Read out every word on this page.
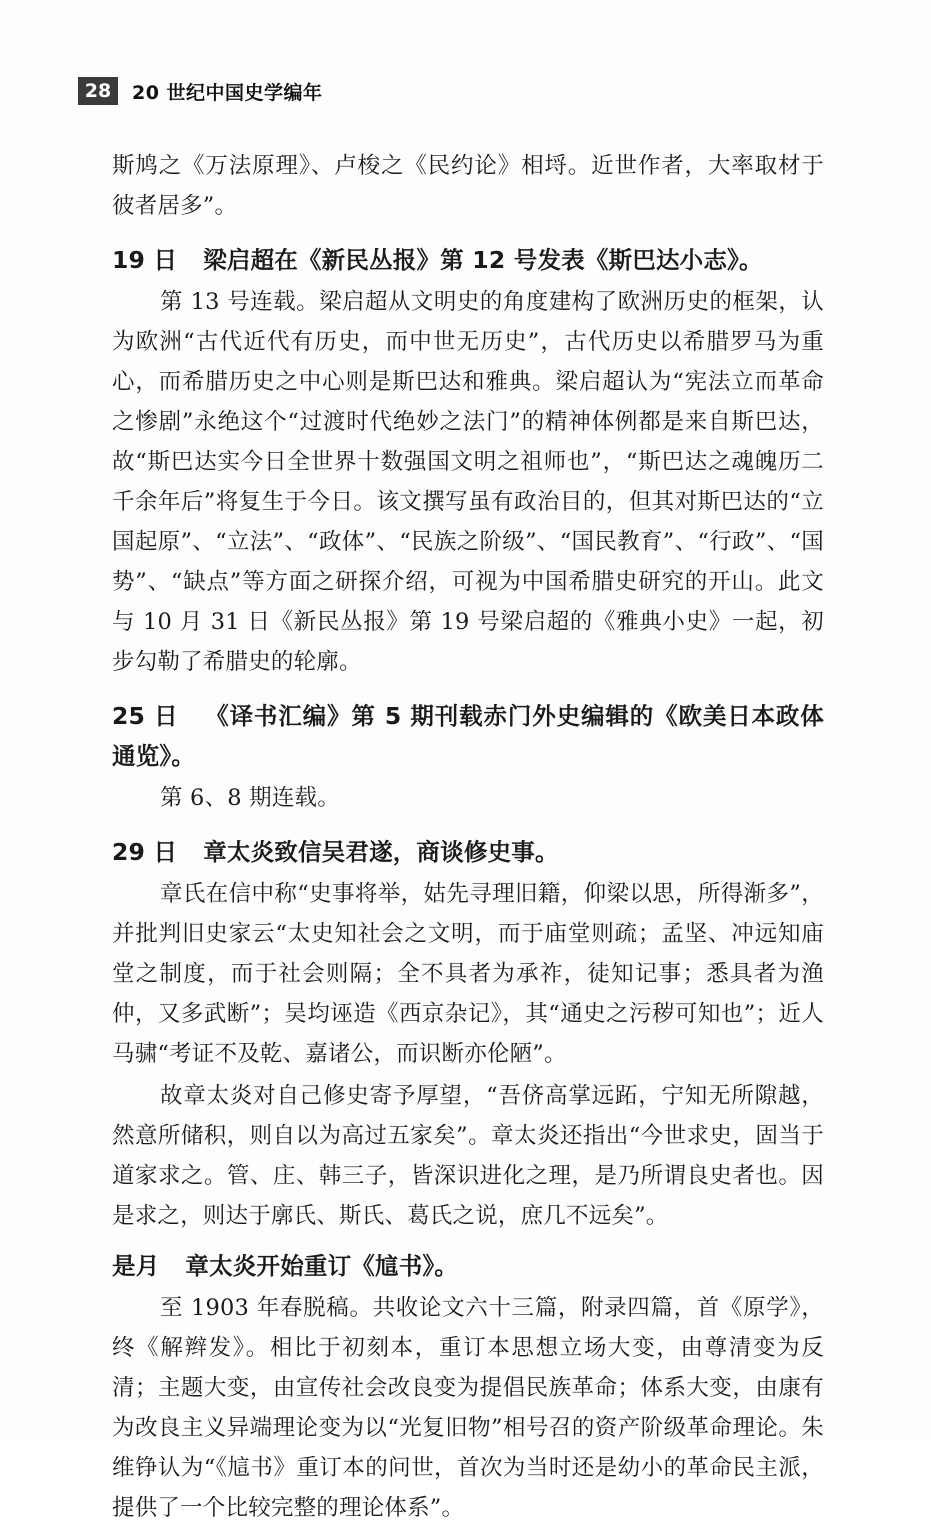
28	20 世纪中国史学编年

斯鸠之《万法原理》、卢梭之《民约论》相埒。近世作者，大率取材于彼者居多”。

19 日 梁启超在《新民丛报》第 12 号发表《斯巴达小志》。

第 13 号连载。梁启超从文明史的角度建构了欧洲历史的框架，认为欧洲“古代近代有历史，而中世无历史”，古代历史以希腊罗马为重心，而希腊历史之中心则是斯巴达和雅典。梁启超认为“宪法立而革命之惨剧”永绝这个“过渡时代绝妙之法门”的精神体例都是来自斯巴达，故“斯巴达实今日全世界十数强国文明之祖师也”，“斯巴达之魂魄历二千余年后”将复生于今日。该文撰写虽有政治目的，但其对斯巴达的“立国起原”、“立法”、“政体”、“民族之阶级”、“国民教育”、“行政”、“国势”、“缺点”等方面之研探介绍，可视为中国希腊史研究的开山。此文与 10 月 31 日《新民丛报》第 19 号梁启超的《雅典小史》一起，初步勾勒了希腊史的轮廓。

25 日 《译书汇编》第 5 期刊载赤门外史编辑的《欧美日本政体通览》。

第 6、8 期连载。

29 日 章太炎致信吴君遂，商谈修史事。

章氏在信中称“史事将举，姑先寻理旧籍，仰梁以思，所得渐多”，并批判旧史家云“太史知社会之文明，而于庙堂则疏；孟坚、冲远知庙堂之制度，而于社会则隔；全不具者为承祚，徒知记事；悉具者为渔仲，又多武断”；吴均诬造《西京杂记》，其“通史之污秽可知也”；近人马骕“考证不及乾、嘉诸公，而识断亦伦陋”。

故章太炎对自己修史寄予厚望，“吾侪高掌远跖，宁知无所隙越，然意所储积，则自以为高过五家矣”。章太炎还指出“今世求史，固当于道家求之。管、庄、韩三子，皆深识进化之理，是乃所谓良史者也。因是求之，则达于廓氏、斯氏、葛氏之说，庶几不远矣”。

是月 章太炎开始重订《訄书》。

至 1903 年春脱稿。共收论文六十三篇，附录四篇，首《原学》，终《解辫发》。相比于初刻本，重订本思想立场大变，由尊清变为反清；主题大变，由宣传社会改良变为提倡民族革命；体系大变，由康有为改良主义异端理论变为以“光复旧物”相号召的资产阶级革命理论。朱维铮认为“《訄书》重订本的问世，首次为当时还是幼小的革命民主派，提供了一个比较完整的理论体系”。
